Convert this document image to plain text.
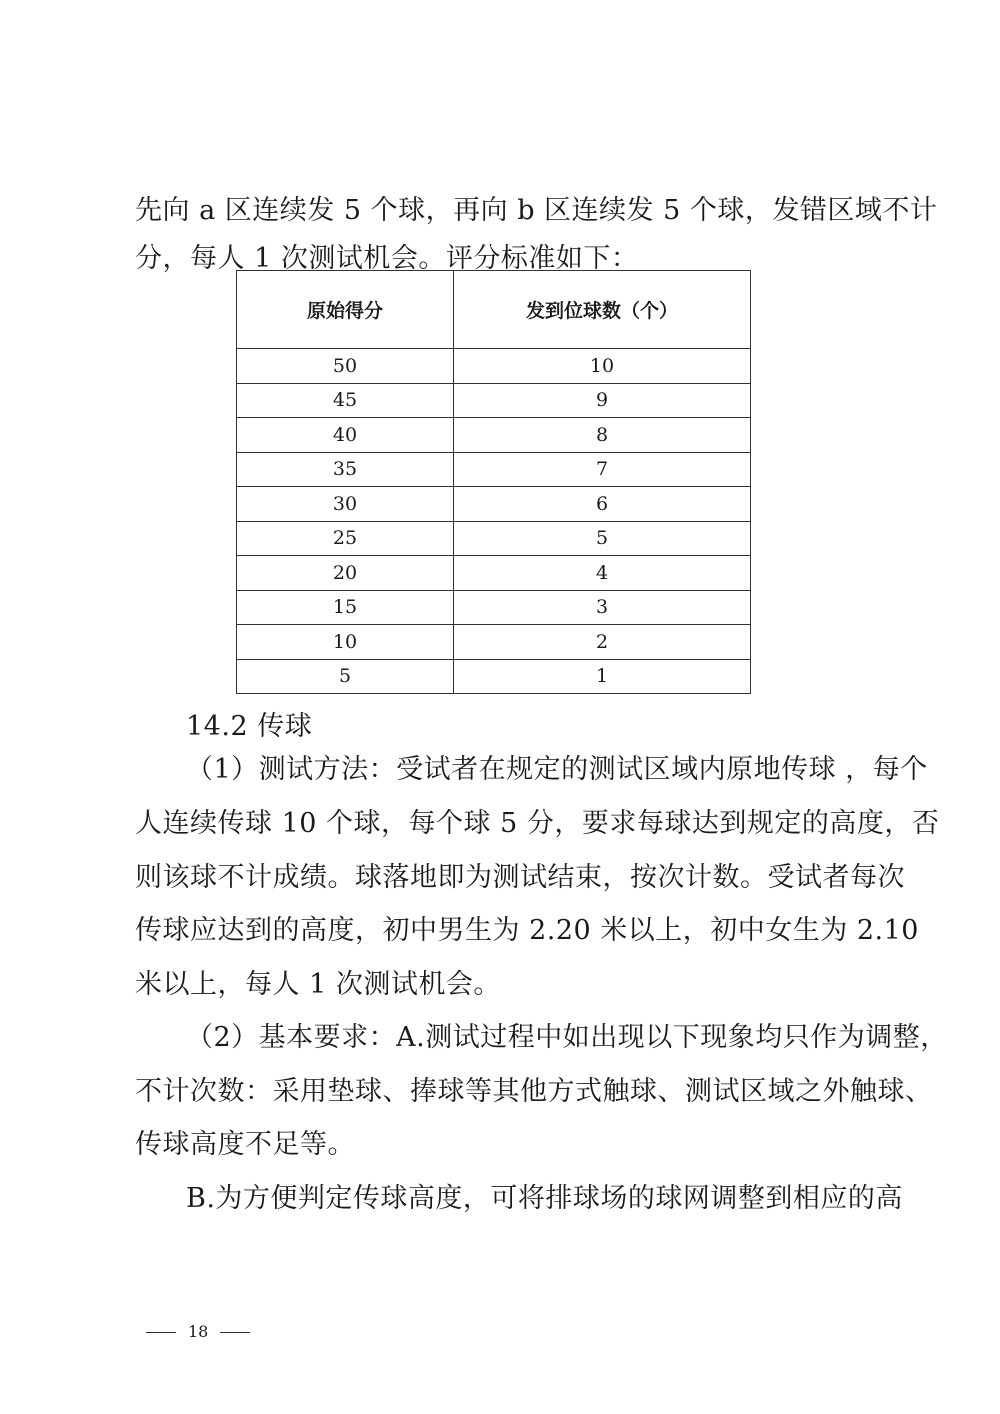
先向 a 区连续发 5 个球，再向 b 区连续发 5 个球，发错区域不计
分，每人 1 次测试机会。评分标准如下：
原始得分	发到位球数（个）
50	10
45	9
40	8
35	7
30	6
25	5
20	4
15	3
10	2
5	1
14.2 传球
（1）测试方法：受试者在规定的测试区域内原地传球 ，每个
人连续传球 10 个球，每个球 5 分，要求每球达到规定的高度，否
则该球不计成绩。球落地即为测试结束，按次计数。受试者每次
传球应达到的高度，初中男生为 2.20 米以上，初中女生为 2.10
米以上，每人 1 次测试机会。
（2）基本要求：A.测试过程中如出现以下现象均只作为调整，
不计次数：采用垫球、捧球等其他方式触球、测试区域之外触球、
传球高度不足等。
B.为方便判定传球高度，可将排球场的球网调整到相应的高
18
